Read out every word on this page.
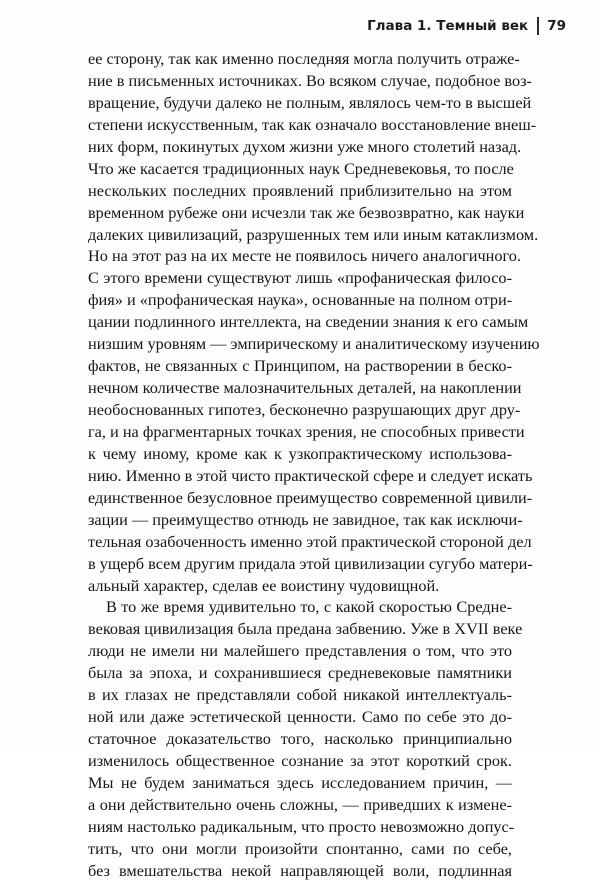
Глава 1. Темный век 79
ее сторону, так как именно последняя могла получить отраже-
ние в письменных источниках. Во всяком случае, подобное воз-
вращение, будучи далеко не полным, являлось чем-то в высшей
степени искусственным, так как означало восстановление внеш-
них форм, покинутых духом жизни уже много столетий назад.
Что же касается традиционных наук Средневековья, то после
нескольких последних проявлений приблизительно на этом
временном рубеже они исчезли так же безвозвратно, как науки
далеких цивилизаций, разрушенных тем или иным катаклизмом.
Но на этот раз на их месте не появилось ничего аналогичного.
С этого времени существуют лишь «профаническая филосо-
фия» и «профаническая наука», основанные на полном отри-
цании подлинного интеллекта, на сведении знания к его самым
низшим уровням — эмпирическому и аналитическому изучению
фактов, не связанных с Принципом, на растворении в беско-
нечном количестве малозначительных деталей, на накоплении
необоснованных гипотез, бесконечно разрушающих друг дру-
га, и на фрагментарных точках зрения, не способных привести
к чему иному, кроме как к узкопрактическому использова-
нию. Именно в этой чисто практической сфере и следует искать
единственное безусловное преимущество современной цивили-
зации — преимущество отнюдь не завидное, так как исключи-
тельная озабоченность именно этой практической стороной дел
в ущерб всем другим придала этой цивилизации сугубо матери-
альный характер, сделав ее воистину чудовищной.
В то же время удивительно то, с какой скоростью Средне-
вековая цивилизация была предана забвению. Уже в XVII веке
люди не имели ни малейшего представления о том, что это
была за эпоха, и сохранившиеся средневековые памятники
в их глазах не представляли собой никакой интеллектуаль-
ной или даже эстетической ценности. Само по себе это до-
статочное доказательство того, насколько принципиально
изменилось общественное сознание за этот короткий срок.
Мы не будем заниматься здесь исследованием причин, —
а они действительно очень сложны, — приведших к измене-
ниям настолько радикальным, что просто невозможно допус-
тить, что они могли произойти спонтанно, сами по себе,
без вмешательства некой направляющей воли, подлинная
